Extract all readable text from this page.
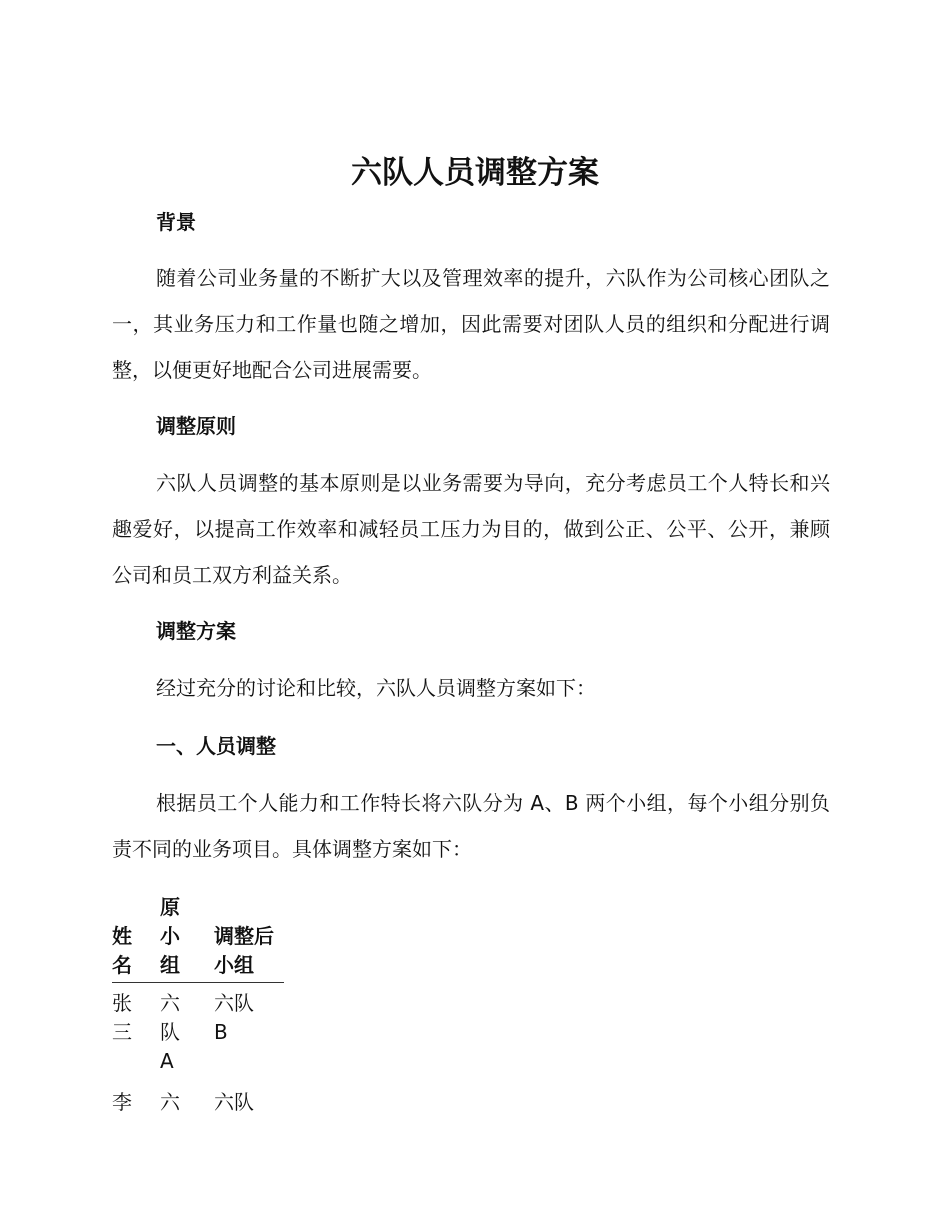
六队人员调整方案
背景

随着公司业务量的不断扩大以及管理效率的提升，六队作为公司核心团队之一，其业务压力和工作量也随之增加，因此需要对团队人员的组织和分配进行调整，以便更好地配合公司进展需要。

调整原则

六队人员调整的基本原则是以业务需要为导向，充分考虑员工个人特长和兴趣爱好，以提高工作效率和减轻员工压力为目的，做到公正、公平、公开，兼顾公司和员工双方利益关系。

调整方案

经过充分的讨论和比较，六队人员调整方案如下：

一、人员调整

根据员工个人能力和工作特长将六队分为 A、B 两个小组，每个小组分别负责不同的业务项目。具体调整方案如下：

姓名	原小组	调整后小组
张三	六队A	六队 B
李	六	六队
